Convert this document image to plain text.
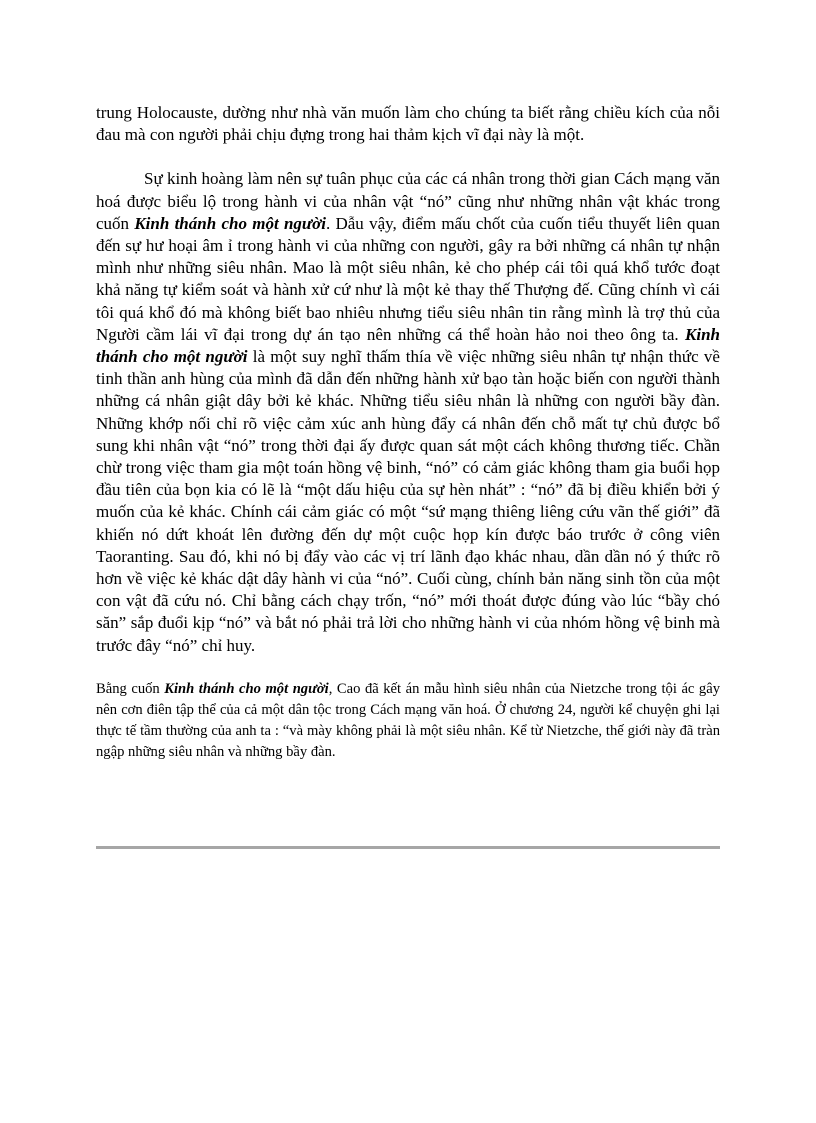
trung Holocauste, dường như nhà văn muốn làm cho chúng ta biết rằng chiều kích của nỗi đau mà con người phải chịu đựng trong hai thảm kịch vĩ đại này là một.

Sự kinh hoàng làm nên sự tuân phục của các cá nhân trong thời gian Cách mạng văn hoá được biểu lộ trong hành vi của nhân vật “nó” cũng như những nhân vật khác trong cuốn Kinh thánh cho một người. Dẫu vậy, điểm mấu chốt của cuốn tiểu thuyết liên quan đến sự hư hoại âm ỉ trong hành vi của những con người, gây ra bởi những cá nhân tự nhận mình như những siêu nhân. Mao là một siêu nhân, kẻ cho phép cái tôi quá khổ tước đoạt khả năng tự kiểm soát và hành xử cứ như là một kẻ thay thế Thượng đế. Cũng chính vì cái tôi quá khổ đó mà không biết bao nhiêu nhưng tiểu siêu nhân tin rằng mình là trợ thủ của Người cầm lái vĩ đại trong dự án tạo nên những cá thể hoàn hảo noi theo ông ta. Kinh thánh cho một người là một suy nghĩ thấm thía về việc những siêu nhân tự nhận thức về tinh thần anh hùng của mình đã dẫn đến những hành xử bạo tàn hoặc biến con người thành những cá nhân giật dây bởi kẻ khác. Những tiểu siêu nhân là những con người bầy đàn. Những khớp nối chỉ rõ việc cảm xúc anh hùng đẩy cá nhân đến chỗ mất tự chủ được bổ sung khi nhân vật “nó” trong thời đại ấy được quan sát một cách không thương tiếc. Chần chừ trong việc tham gia một toán hồng vệ binh, “nó” có cảm giác không tham gia buổi họp đầu tiên của bọn kia có lẽ là “một dấu hiệu của sự hèn nhát” : “nó” đã bị điều khiển bởi ý muốn của kẻ khác. Chính cái cảm giác có một “sứ mạng thiêng liêng cứu vãn thế giới” đã khiến nó dứt khoát lên đường đến dự một cuộc họp kín được báo trước ở công viên Taoranting. Sau đó, khi nó bị đẩy vào các vị trí lãnh đạo khác nhau, dần dần nó ý thức rõ hơn về việc kẻ khác dật dây hành vi của “nó”. Cuối cùng, chính bản năng sinh tồn của một con vật đã cứu nó. Chỉ bằng cách chạy trốn, “nó” mới thoát được đúng vào lúc “bầy chó săn” sắp đuổi kịp “nó” và bắt nó phải trả lời cho những hành vi của nhóm hồng vệ binh mà trước đây “nó” chỉ huy.

Bằng cuốn Kinh thánh cho một người, Cao đã kết án mẫu hình siêu nhân của Nietzche trong tội ác gây nên cơn điên tập thể của cả một dân tộc trong Cách mạng văn hoá. Ở chương 24, người kể chuyện ghi lại thực tế tầm thường của anh ta : “và mày không phải là một siêu nhân. Kể từ Nietzche, thế giới này đã tràn ngập những siêu nhân và những bầy đàn.
